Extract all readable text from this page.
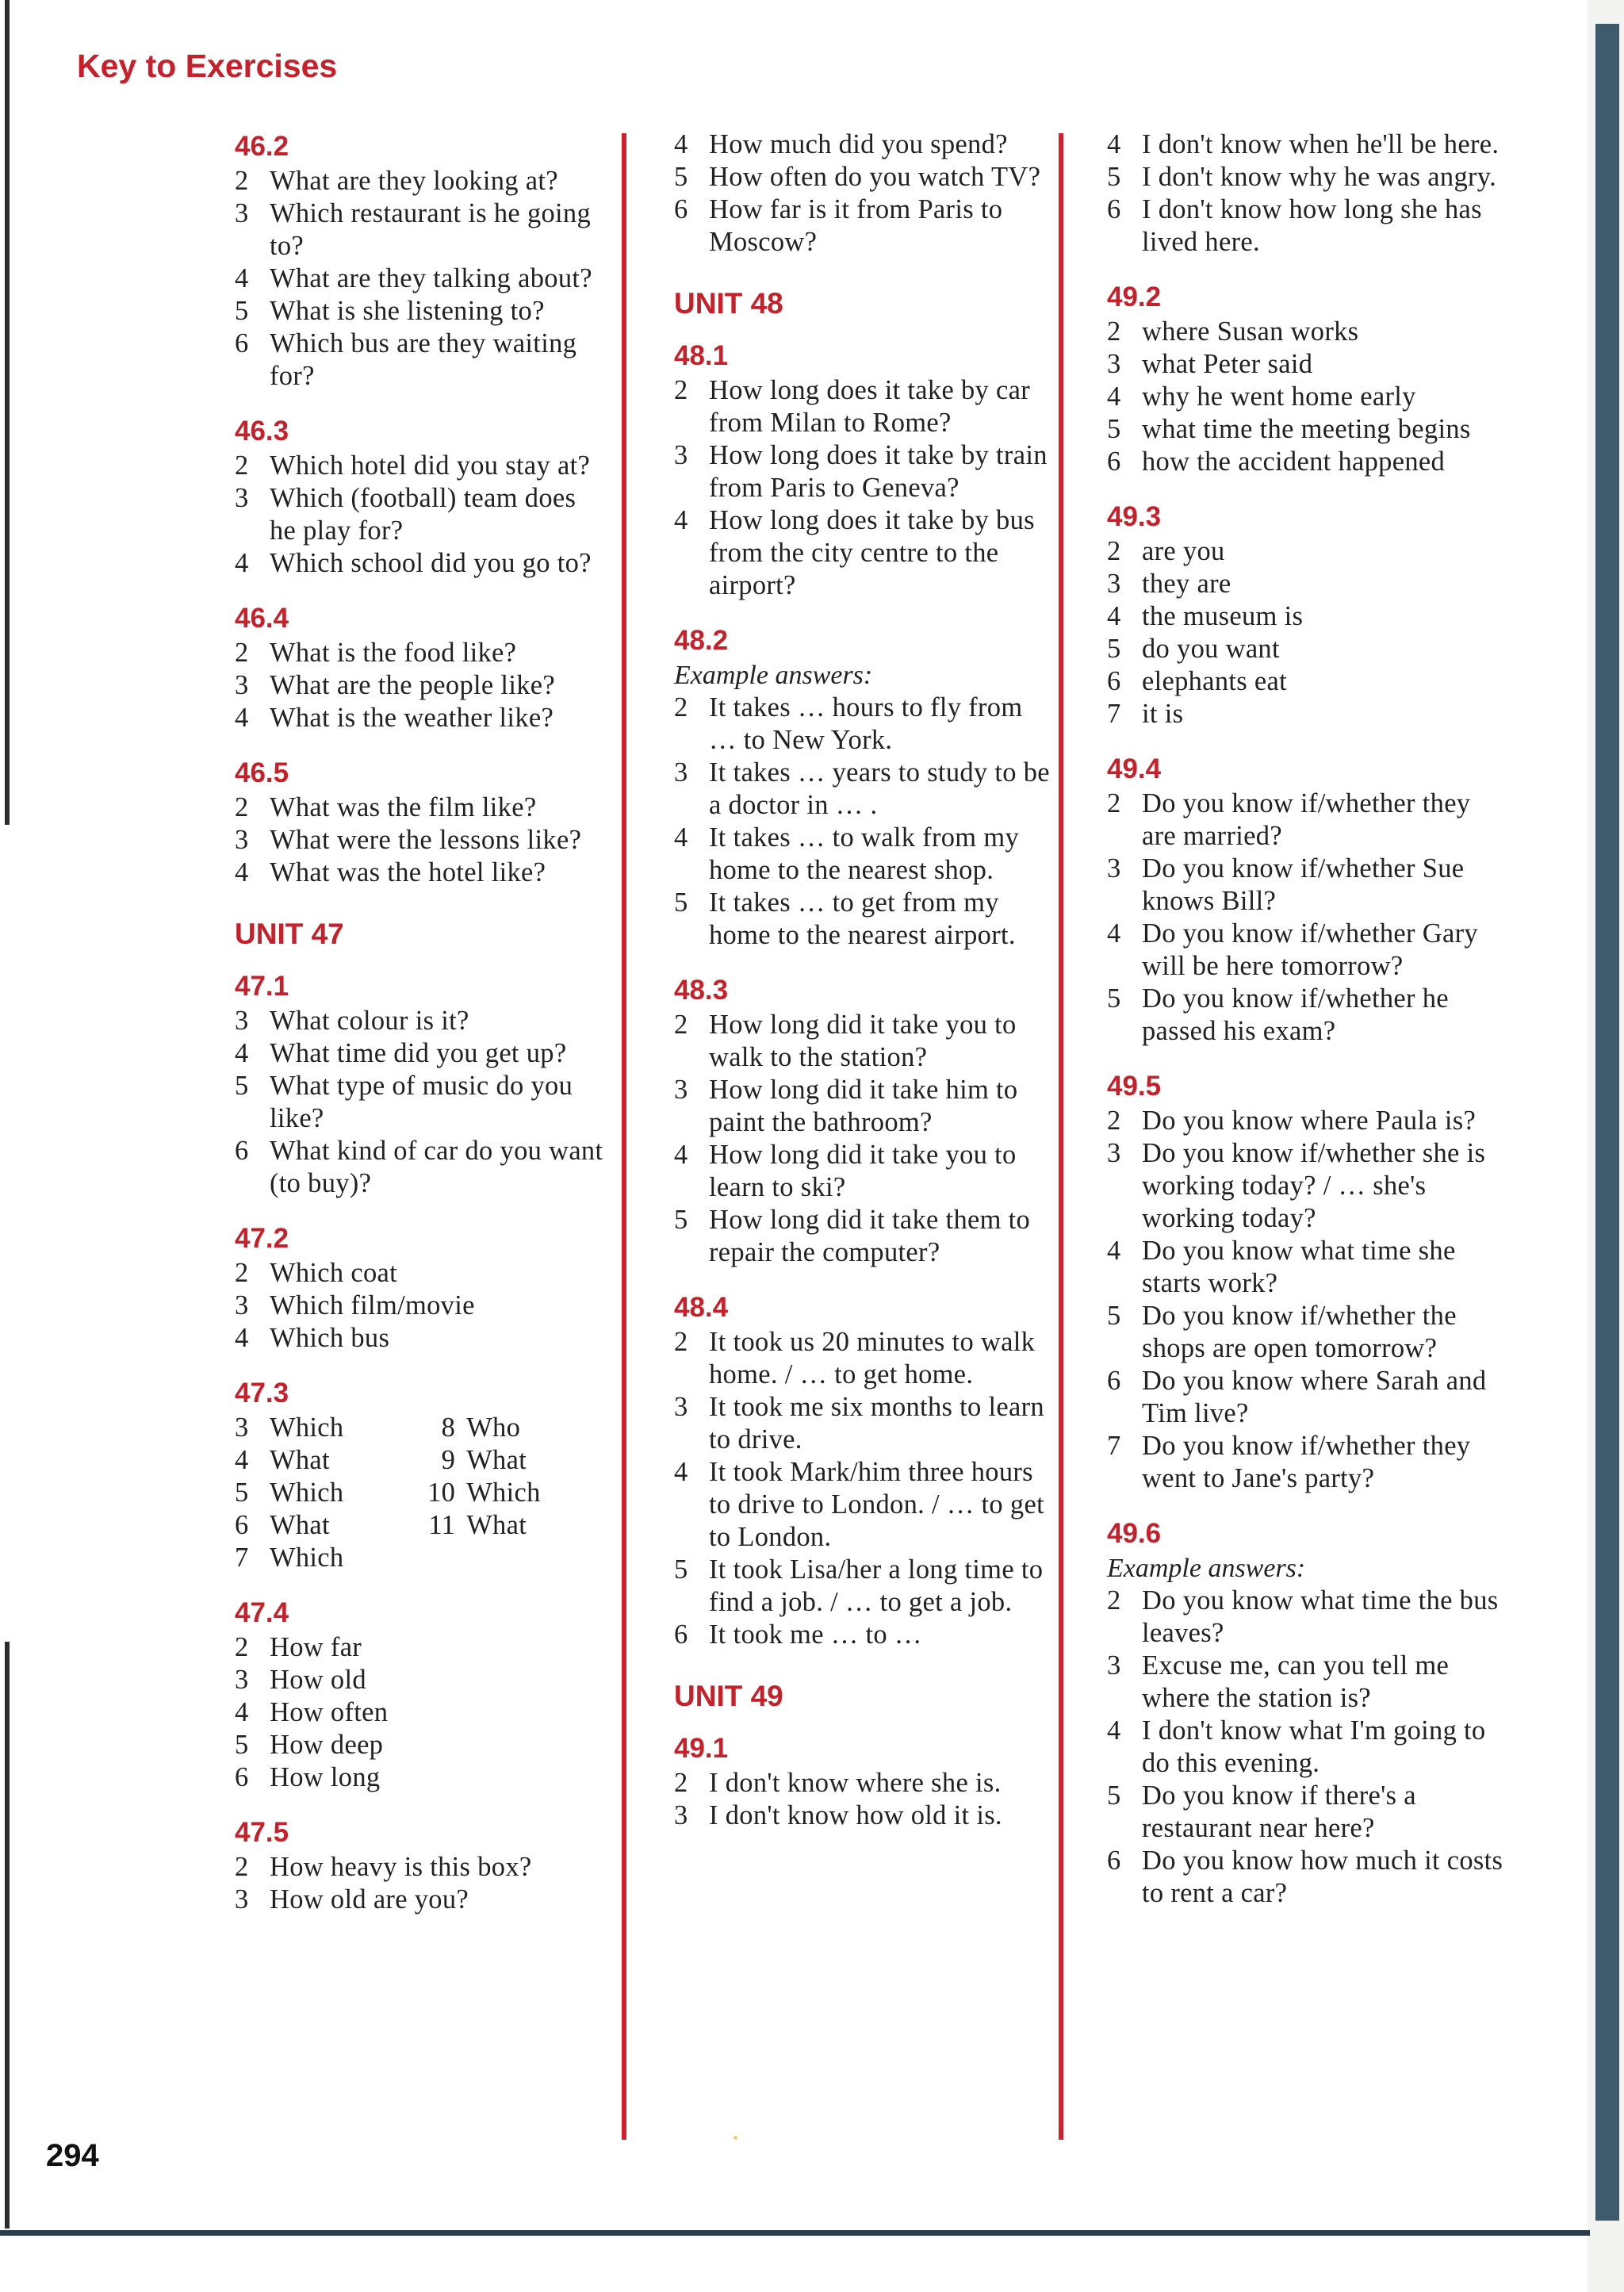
Key to Exercises
46.2
2 What are they looking at?
3 Which restaurant is he going to?
4 What are they talking about?
5 What is she listening to?
6 Which bus are they waiting for?
46.3
2 Which hotel did you stay at?
3 Which (football) team does he play for?
4 Which school did you go to?
46.4
2 What is the food like?
3 What are the people like?
4 What is the weather like?
46.5
2 What was the film like?
3 What were the lessons like?
4 What was the hotel like?
UNIT 47
47.1
3 What colour is it?
4 What time did you get up?
5 What type of music do you like?
6 What kind of car do you want (to buy)?
47.2
2 Which coat
3 Which film/movie
4 Which bus
47.3
3 Which
4 What
5 Which
6 What
7 Which
8 Who
9 What
10 Which
11 What
47.4
2 How far
3 How old
4 How often
5 How deep
6 How long
47.5
2 How heavy is this box?
3 How old are you?
4 How much did you spend?
5 How often do you watch TV?
6 How far is it from Paris to Moscow?
UNIT 48
48.1
2 How long does it take by car from Milan to Rome?
3 How long does it take by train from Paris to Geneva?
4 How long does it take by bus from the city centre to the airport?
48.2
Example answers:
2 It takes … hours to fly from … to New York.
3 It takes … years to study to be a doctor in … .
4 It takes … to walk from my home to the nearest shop.
5 It takes … to get from my home to the nearest airport.
48.3
2 How long did it take you to walk to the station?
3 How long did it take him to paint the bathroom?
4 How long did it take you to learn to ski?
5 How long did it take them to repair the computer?
48.4
2 It took us 20 minutes to walk home. / … to get home.
3 It took me six months to learn to drive.
4 It took Mark/him three hours to drive to London. / … to get to London.
5 It took Lisa/her a long time to find a job. / … to get a job.
6 It took me … to …
UNIT 49
49.1
2 I don't know where she is.
3 I don't know how old it is.
4 I don't know when he'll be here.
5 I don't know why he was angry.
6 I don't know how long she has lived here.
49.2
2 where Susan works
3 what Peter said
4 why he went home early
5 what time the meeting begins
6 how the accident happened
49.3
2 are you
3 they are
4 the museum is
5 do you want
6 elephants eat
7 it is
49.4
2 Do you know if/whether they are married?
3 Do you know if/whether Sue knows Bill?
4 Do you know if/whether Gary will be here tomorrow?
5 Do you know if/whether he passed his exam?
49.5
2 Do you know where Paula is?
3 Do you know if/whether she is working today? / … she's working today?
4 Do you know what time she starts work?
5 Do you know if/whether the shops are open tomorrow?
6 Do you know where Sarah and Tim live?
7 Do you know if/whether they went to Jane's party?
49.6
Example answers:
2 Do you know what time the bus leaves?
3 Excuse me, can you tell me where the station is?
4 I don't know what I'm going to do this evening.
5 Do you know if there's a restaurant near here?
6 Do you know how much it costs to rent a car?
294
